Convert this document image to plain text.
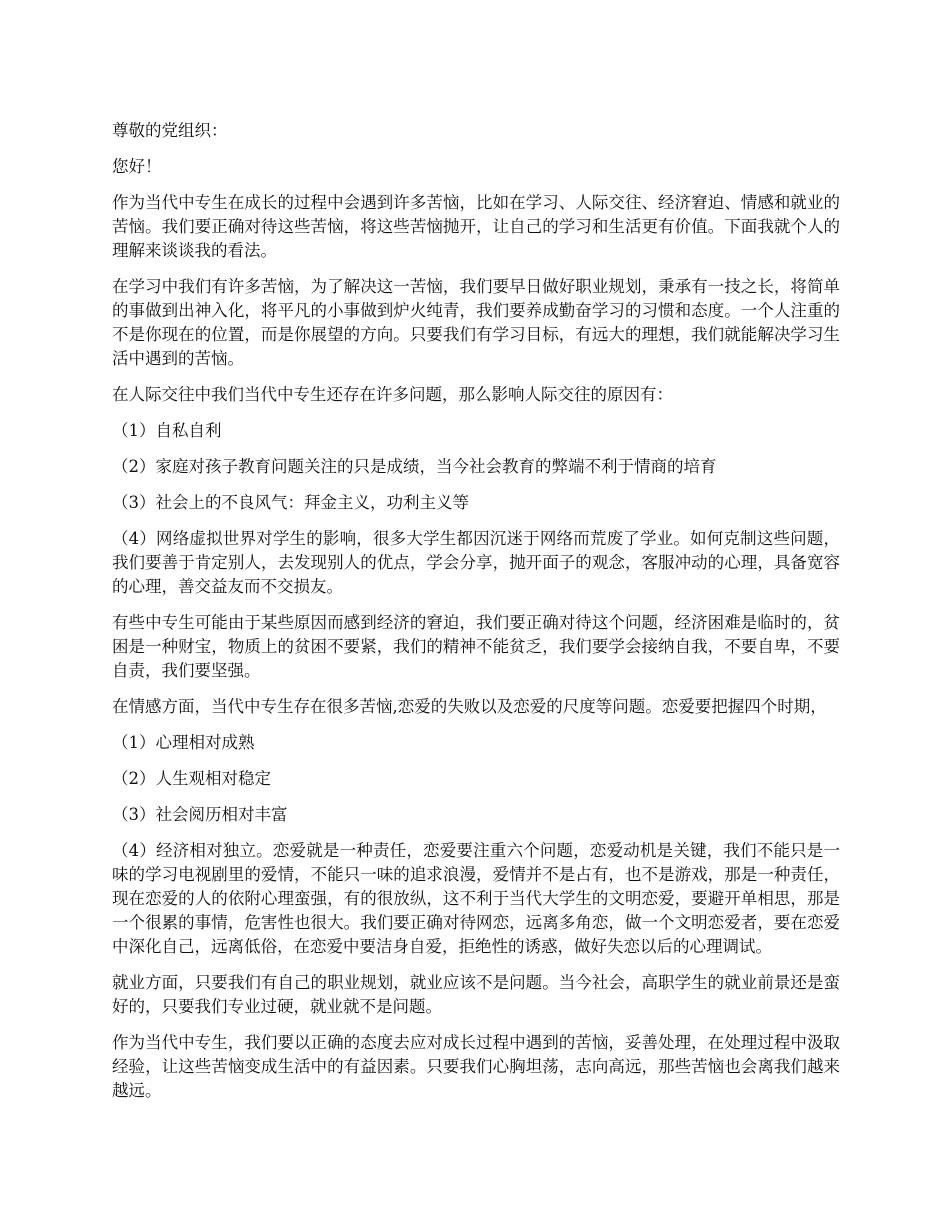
尊敬的党组织：

您好！

作为当代中专生在成长的过程中会遇到许多苦恼，比如在学习、人际交往、经济窘迫、情感和就业的苦恼。我们要正确对待这些苦恼，将这些苦恼抛开，让自己的学习和生活更有价值。下面我就个人的理解来谈谈我的看法。

在学习中我们有许多苦恼，为了解决这一苦恼，我们要早日做好职业规划，秉承有一技之长，将简单的事做到出神入化，将平凡的小事做到炉火纯青，我们要养成勤奋学习的习惯和态度。一个人注重的不是你现在的位置，而是你展望的方向。只要我们有学习目标，有远大的理想，我们就能解决学习生活中遇到的苦恼。

在人际交往中我们当代中专生还存在许多问题，那么影响人际交往的原因有：

（1）自私自利

（2）家庭对孩子教育问题关注的只是成绩，当今社会教育的弊端不利于情商的培育

（3）社会上的不良风气：拜金主义，功利主义等

（4）网络虚拟世界对学生的影响，很多大学生都因沉迷于网络而荒废了学业。如何克制这些问题，我们要善于肯定别人，去发现别人的优点，学会分享，抛开面子的观念，客服冲动的心理，具备宽容的心理，善交益友而不交损友。

有些中专生可能由于某些原因而感到经济的窘迫，我们要正确对待这个问题，经济困难是临时的，贫困是一种财宝，物质上的贫困不要紧，我们的精神不能贫乏，我们要学会接纳自我，不要自卑，不要自责，我们要坚强。

在情感方面，当代中专生存在很多苦恼,恋爱的失败以及恋爱的尺度等问题。恋爱要把握四个时期，

（1）心理相对成熟

（2）人生观相对稳定

（3）社会阅历相对丰富

（4）经济相对独立。恋爱就是一种责任，恋爱要注重六个问题，恋爱动机是关键，我们不能只是一味的学习电视剧里的爱情，不能只一味的追求浪漫，爱情并不是占有，也不是游戏，那是一种责任，现在恋爱的人的依附心理蛮强，有的很放纵，这不利于当代大学生的文明恋爱，要避开单相思，那是一个很累的事情，危害性也很大。我们要正确对待网恋，远离多角恋，做一个文明恋爱者，要在恋爱中深化自己，远离低俗，在恋爱中要洁身自爱，拒绝性的诱惑，做好失恋以后的心理调试。

就业方面，只要我们有自己的职业规划，就业应该不是问题。当今社会，高职学生的就业前景还是蛮好的，只要我们专业过硬，就业就不是问题。

作为当代中专生，我们要以正确的态度去应对成长过程中遇到的苦恼，妥善处理，在处理过程中汲取经验，让这些苦恼变成生活中的有益因素。只要我们心胸坦荡，志向高远，那些苦恼也会离我们越来越远。
